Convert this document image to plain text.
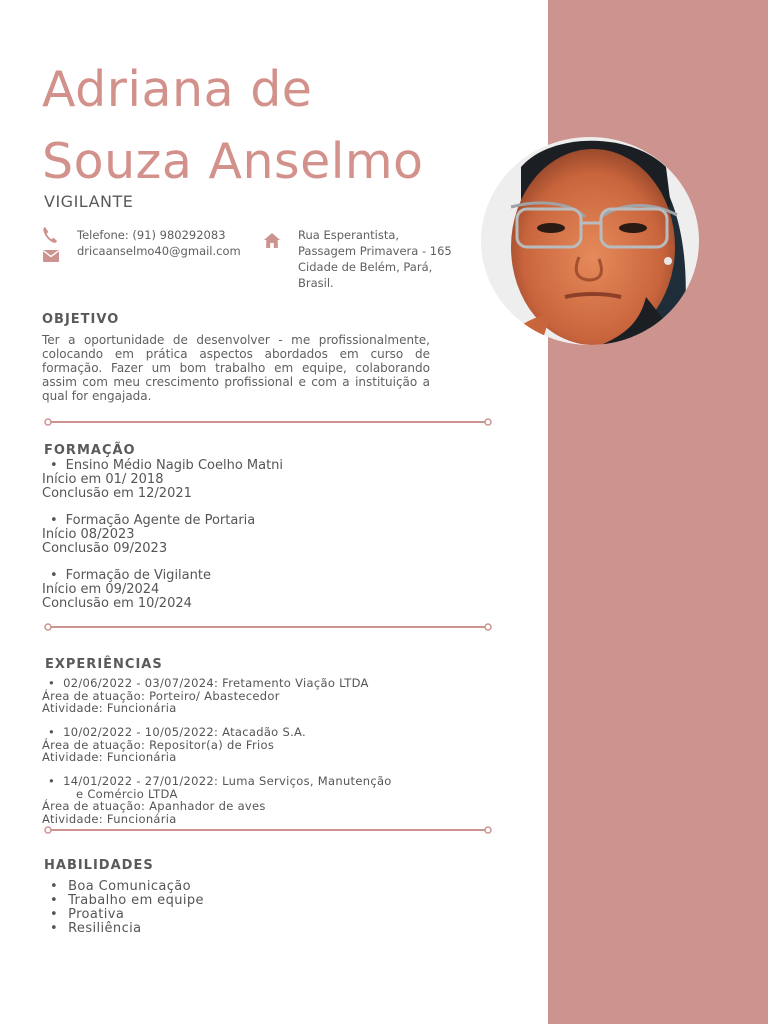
Adriana de
Souza Anselmo
VIGILANTE
Telefone: (91) 980292083
dricaanselmo40@gmail.com
Rua Esperantista,
Passagem Primavera - 165
Cidade de Belém, Pará,
Brasil.
OBJETIVO

Ter a oportunidade de desenvolver - me profissionalmente, colocando em prática aspectos abordados em curso de formação. Fazer um bom trabalho em equipe, colaborando assim com meu crescimento profissional e com a instituição a qual for engajada.

FORMAÇÃO
• Ensino Médio Nagib Coelho Matni
Início em 01/ 2018
Conclusão em 12/2021
• Formação Agente de Portaria
Início 08/2023
Conclusão 09/2023
• Formação de Vigilante
Início em 09/2024
Conclusão em 10/2024
EXPERIÊNCIAS
• 02/06/2022 - 03/07/2024: Fretamento Viação LTDA
Área de atuação: Porteiro/ Abastecedor
Atividade: Funcionária
• 10/02/2022 - 10/05/2022: Atacadão S.A.
Área de atuação: Repositor(a) de Frios
Atividade: Funcionária
• 14/01/2022 - 27/01/2022: Luma Serviços, Manutenção
e Comércio LTDA
Área de atuação: Apanhador de aves
Atividade: Funcionária
HABILIDADES
• Boa Comunicação
• Trabalho em equipe
• Proativa
• Resiliência
